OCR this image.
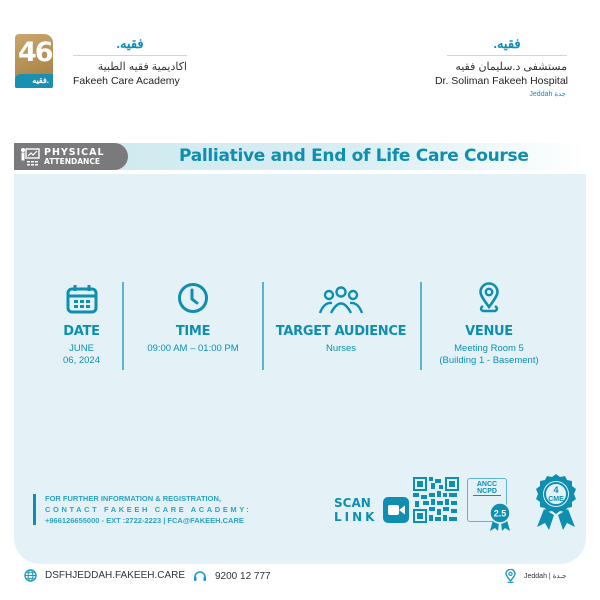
46
فقيه.
فقيه.
اكاديمية فقيه الطبية
Fakeeh Care Academy
فقيه.
مستشفى د.سليمان فقيه
Dr. Soliman Fakeeh Hospital
Jeddah جدة
PHYSICAL
ATTENDANCE	Palliative and End of Life Care Course
DATE
JUNE
06, 2024
TIME
09:00 AM – 01:00 PM
TARGET AUDIENCE
Nurses
VENUE
Meeting Room 5
(Building 1 - Basement)
FOR FURTHER INFORMATION & REGISTRATION,
CONTACT FAKEEH CARE ACADEMY:
+966126655000 - EXT :2722-2223 | FCA@FAKEEH.CARE
SCAN
LINK
ANCC
NCPD
2.5
4
CME
DSFHJEDDAH.FAKEEH.CARE	9200 12 777	Jeddah | جـدة
